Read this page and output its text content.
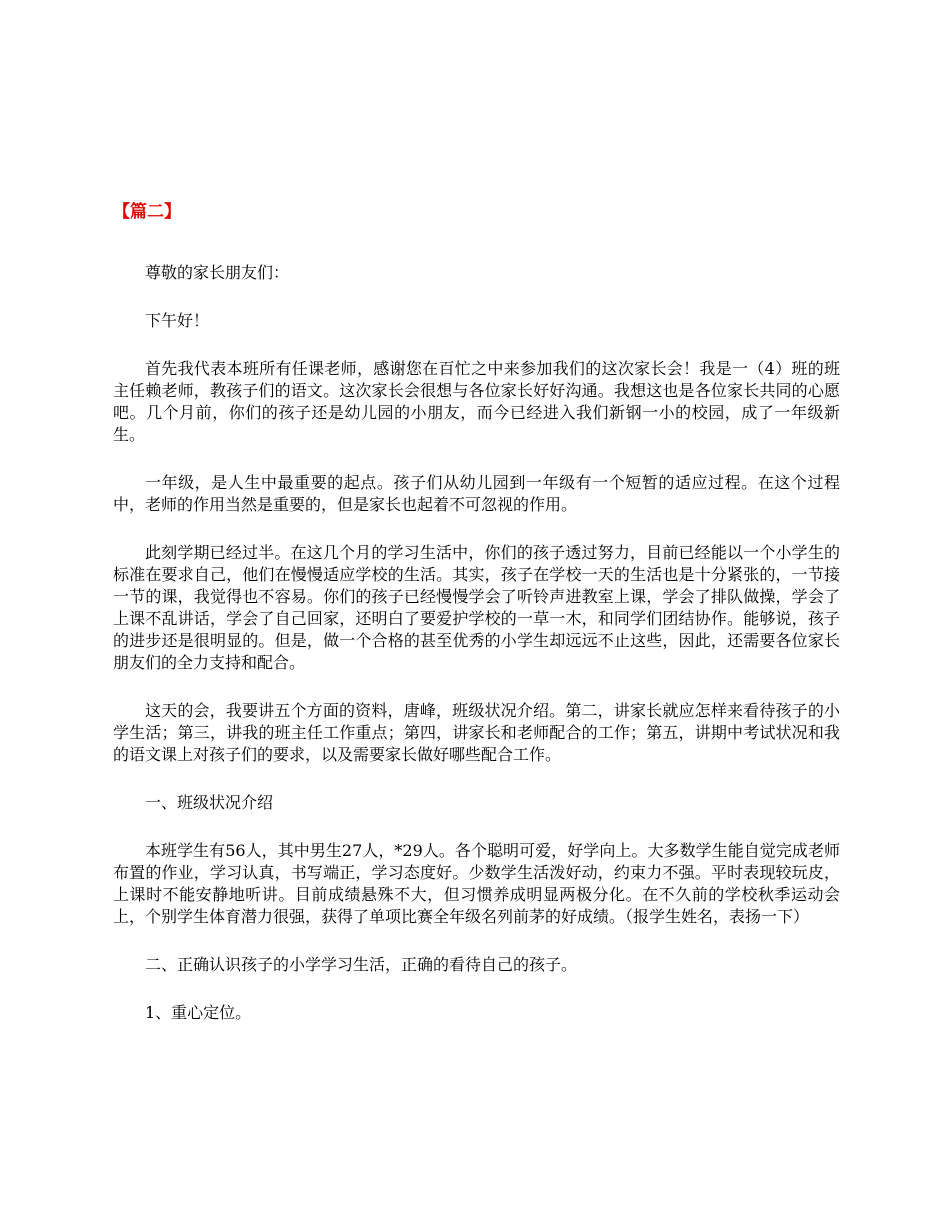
【篇二】

尊敬的家长朋友们：

下午好！

首先我代表本班所有任课老师，感谢您在百忙之中来参加我们的这次家长会！我是一（4）班的班主任赖老师，教孩子们的语文。这次家长会很想与各位家长好好沟通。我想这也是各位家长共同的心愿吧。几个月前，你们的孩子还是幼儿园的小朋友，而今已经进入我们新钢一小的校园，成了一年级新生。

一年级，是人生中最重要的起点。孩子们从幼儿园到一年级有一个短暂的适应过程。在这个过程中，老师的作用当然是重要的，但是家长也起着不可忽视的作用。

此刻学期已经过半。在这几个月的学习生活中，你们的孩子透过努力，目前已经能以一个小学生的标准在要求自己，他们在慢慢适应学校的生活。其实，孩子在学校一天的生活也是十分紧张的，一节接一节的课，我觉得也不容易。你们的孩子已经慢慢学会了听铃声进教室上课，学会了排队做操，学会了上课不乱讲话，学会了自己回家，还明白了要爱护学校的一草一木，和同学们团结协作。能够说，孩子的进步还是很明显的。但是，做一个合格的甚至优秀的小学生却远远不止这些，因此，还需要各位家长朋友们的全力支持和配合。

这天的会，我要讲五个方面的资料，唐峰，班级状况介绍。第二，讲家长就应怎样来看待孩子的小学生活；第三，讲我的班主任工作重点；第四，讲家长和老师配合的工作；第五，讲期中考试状况和我的语文课上对孩子们的要求，以及需要家长做好哪些配合工作。

一、班级状况介绍

本班学生有56人，其中男生27人，*29人。各个聪明可爱，好学向上。大多数学生能自觉完成老师布置的作业，学习认真，书写端正，学习态度好。少数学生活泼好动，约束力不强。平时表现较玩皮，上课时不能安静地听讲。目前成绩悬殊不大，但习惯养成明显两极分化。在不久前的学校秋季运动会上，个别学生体育潜力很强，获得了单项比赛全年级名列前茅的好成绩。（报学生姓名，表扬一下）

二、正确认识孩子的小学学习生活，正确的看待自己的孩子。

1、重心定位。
